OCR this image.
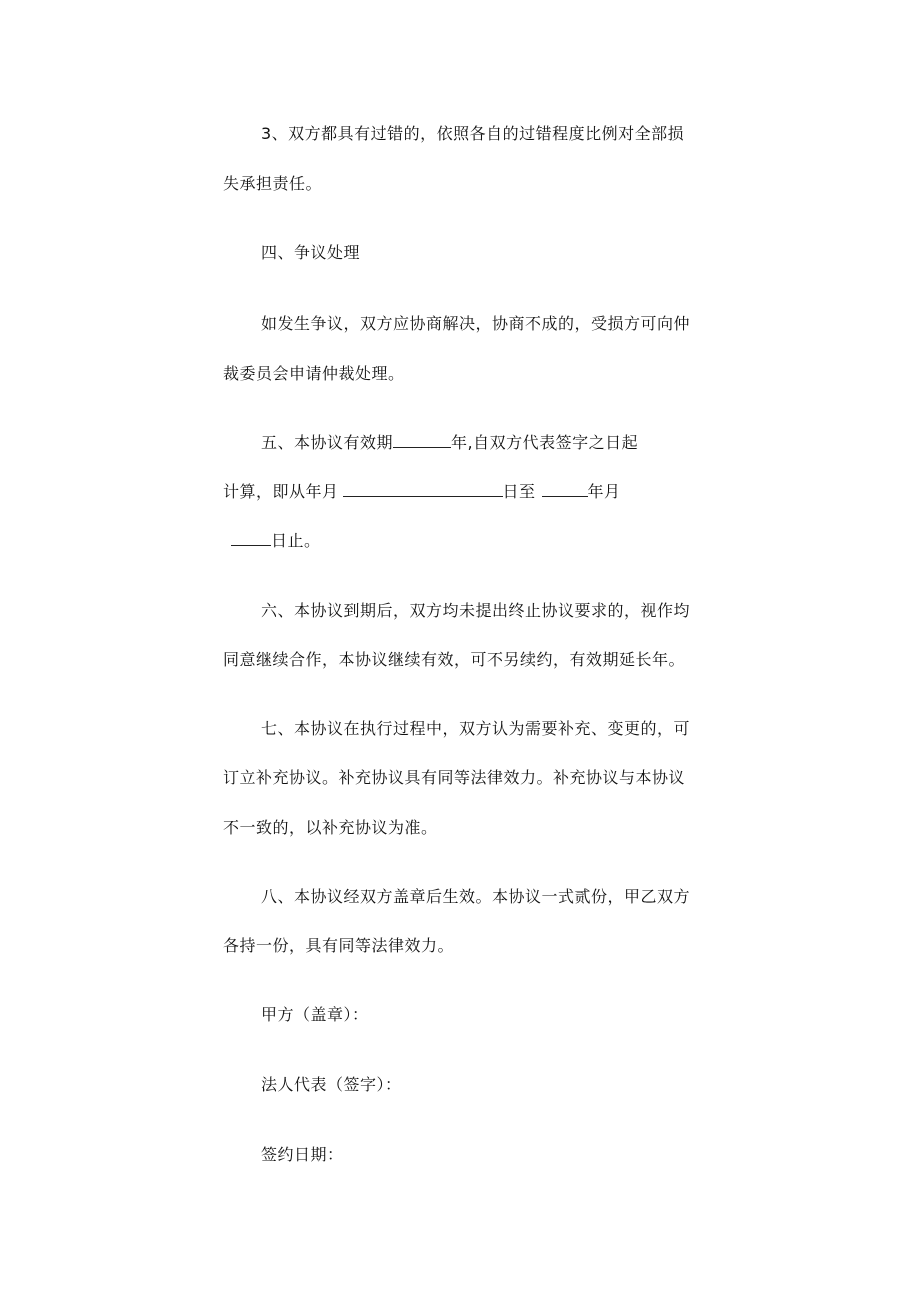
3、双方都具有过错的，依照各自的过错程度比例对全部损
失承担责任。
四、争议处理
如发生争议，双方应协商解决，协商不成的，受损方可向仲
裁委员会申请仲裁处理。
五、本协议有效期	年,自双方代表签字之日起
计算，即从年月	日至	年月
日止。
六、本协议到期后，双方均未提出终止协议要求的，视作均
同意继续合作，本协议继续有效，可不另续约，有效期延长年。
七、本协议在执行过程中，双方认为需要补充、变更的，可
订立补充协议。补充协议具有同等法律效力。补充协议与本协议
不一致的，以补充协议为准。
八、本协议经双方盖章后生效。本协议一式贰份，甲乙双方
各持一份，具有同等法律效力。
甲方（盖章）：
法人代表（签字）：
签约日期：
